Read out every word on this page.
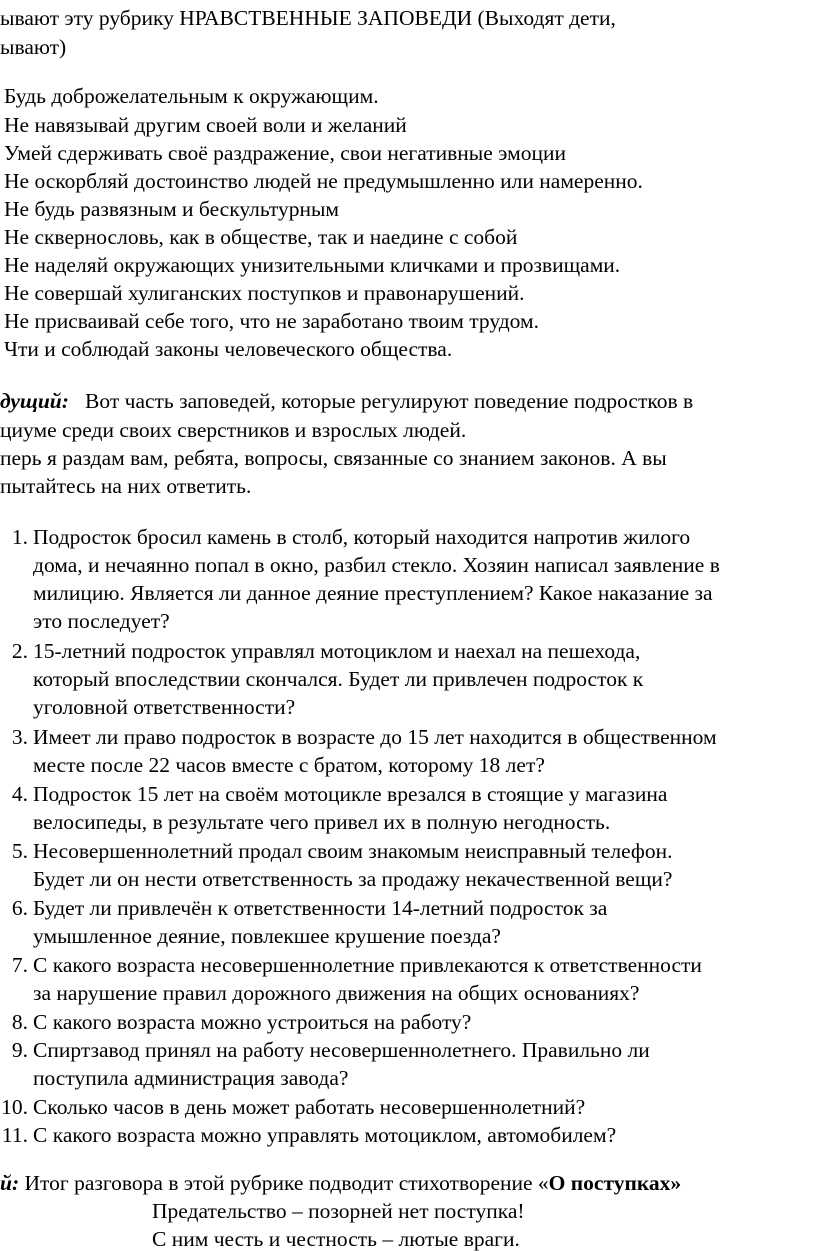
ывают эту рубрику НРАВСТВЕННЫЕ ЗАПОВЕДИ (Выходят дети,
ывают)
Будь доброжелательным к окружающим.
Не навязывай другим своей воли и желаний
Умей сдерживать своё раздражение, свои негативные эмоции
Не оскорбляй достоинство людей не предумышленно или намеренно.
Не будь развязным и бескультурным
Не сквернословь, как в обществе, так и наедине с собой
Не наделяй окружающих унизительными кличками и прозвищами.
Не совершай хулиганских поступков и правонарушений.
Не присваивай себе того, что не заработано твоим трудом.
Чти и соблюдай законы человеческого общества.
дущий: Вот часть заповедей, которые регулируют поведение подростков в
циуме среди своих сверстников и взрослых людей.
перь я раздам вам, ребята, вопросы, связанные со знанием законов. А вы
пытайтесь на них ответить.
1. Подросток бросил камень в столб, который находится напротив жилого
дома, и нечаянно попал в окно, разбил стекло. Хозяин написал заявление в
милицию. Является ли данное деяние преступлением? Какое наказание за
это последует?
2. 15-летний подросток управлял мотоциклом и наехал на пешехода,
который впоследствии скончался. Будет ли привлечен подросток к
уголовной ответственности?
3. Имеет ли право подросток в возрасте до 15 лет находится в общественном
месте после 22 часов вместе с братом, которому 18 лет?
4. Подросток 15 лет на своём мотоцикле врезался в стоящие у магазина
велосипеды, в результате чего привел их в полную негодность.
5. Несовершеннолетний продал своим знакомым неисправный телефон.
Будет ли он нести ответственность за продажу некачественной вещи?
6. Будет ли привлечён к ответственности 14-летний подросток за
умышленное деяние, повлекшее крушение поезда?
7. С какого возраста несовершеннолетние привлекаются к ответственности
за нарушение правил дорожного движения на общих основаниях?
8. С какого возраста можно устроиться на работу?
9. Спиртзавод принял на работу несовершеннолетнего. Правильно ли
поступила администрация завода?
10. Сколько часов в день может работать несовершеннолетний?
11. С какого возраста можно управлять мотоциклом, автомобилем?
й: Итог разговора в этой рубрике подводит стихотворение «О поступках»
Предательство – позорней нет поступка!
С ним честь и честность – лютые враги.
